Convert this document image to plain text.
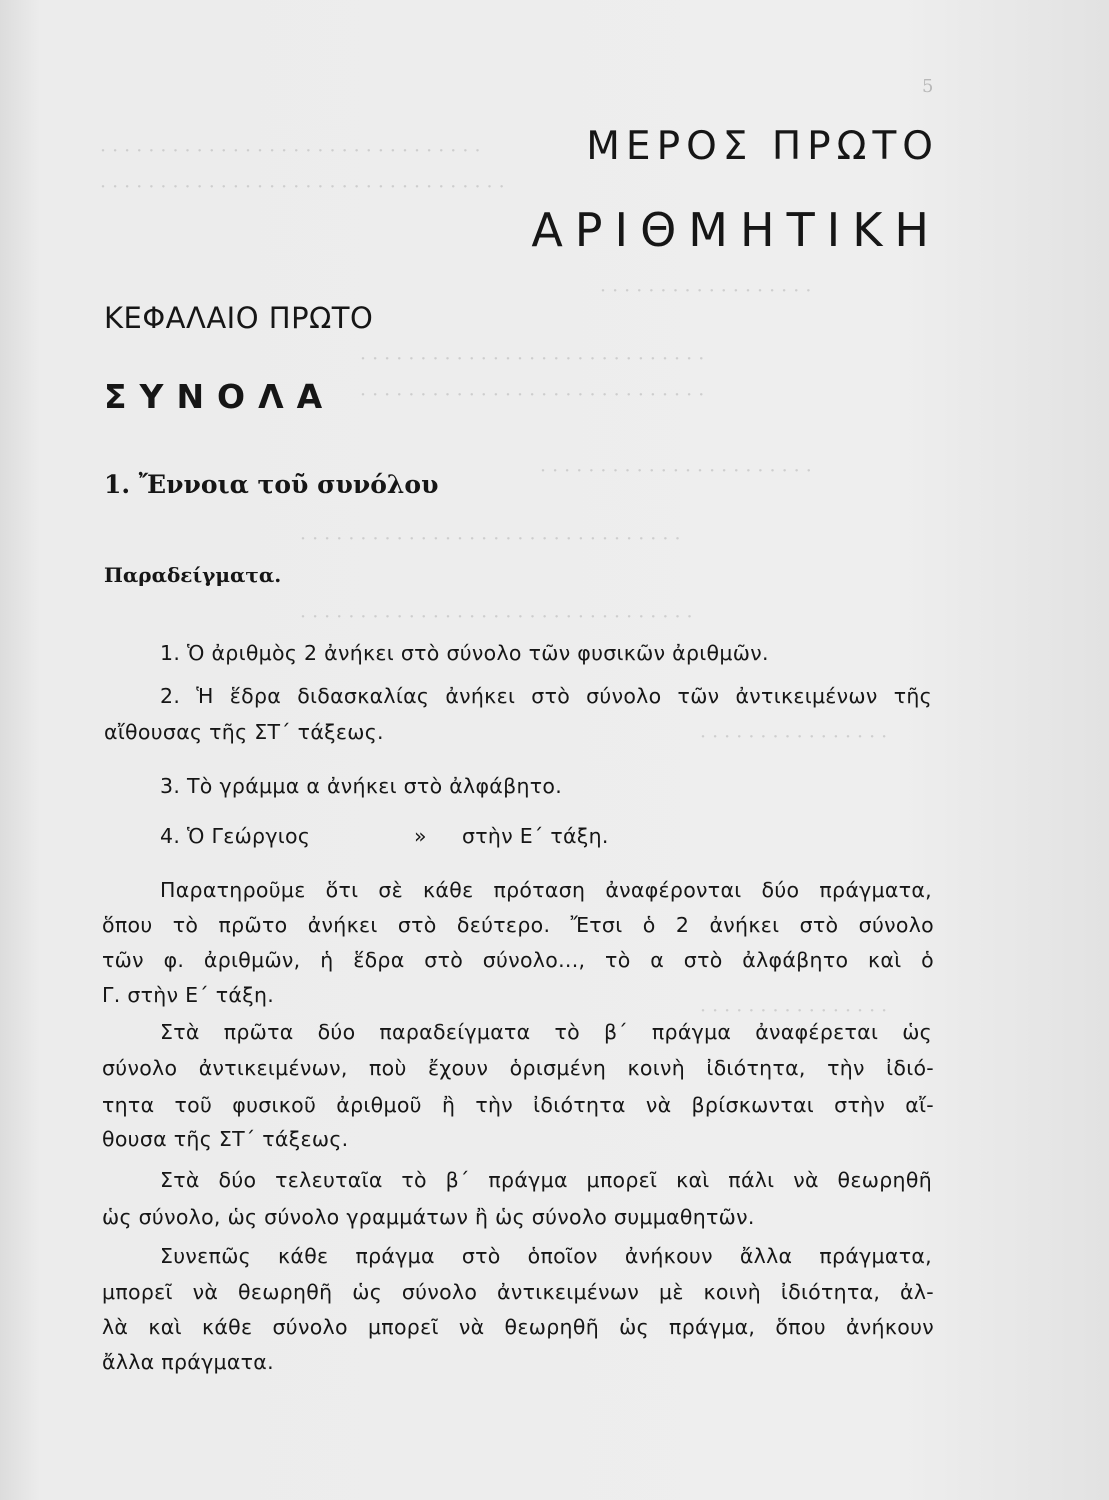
· · · · · · · · · · · · · · · · · · · · · · · · · · · · · · · ·
· · · · · · · · · · · · · · · · · · · · · · · · · · · · · · · · · ·
· · · · · · · · · · · · · · · · · ·
· · · · · · · · · · · · · · · · · · · · · · · · · · · · ·
· · · · · · · · · · · · · · · · · · · · · · · · · · · · ·
· · · · · · · · · · · · · · · · · · · · · · ·
· · · · · · · · · · · · · · · · · · · · · · · · · · · · · · · ·
· · · · · · · · · · · · · · · · · · · · · · · · · · · · · · · · ·
· · · · · · · · · · · · · · · ·
· · · · · · · · · · · · · · · ·
5
ΜΕΡΟΣ ΠΡΩΤΟ
ΑΡΙΘΜΗΤΙΚΗ
ΚΕΦΑΛΑΙΟ ΠΡΩΤΟ
ΣΥΝΟΛΑ
1. Ἔννοια τοῦ συνόλου
Παραδείγματα.
1. Ὁ ἀριθμὸς 2 ἀνήκει στὸ σύνολο τῶν φυσικῶν ἀριθμῶν.
2. Ἡ ἕδρα διδασκαλίας ἀνήκει στὸ σύνολο τῶν ἀντικειμένων τῆς
αἴθουσας τῆς ΣΤ΄ τάξεως.
3. Τὸ γράμμα α ἀνήκει στὸ ἀλφάβητο.
4. Ὁ Γεώργιος	» στὴν Ε΄ τάξη.
Παρατηροῦμε ὅτι σὲ κάθε πρόταση ἀναφέρονται δύο πράγματα,
ὅπου τὸ πρῶτο ἀνήκει στὸ δεύτερο. Ἔτσι ὁ 2 ἀνήκει στὸ σύνολο
τῶν φ. ἀριθμῶν, ἡ ἕδρα στὸ σύνολο..., τὸ α στὸ ἀλφάβητο καὶ ὁ
Γ. στὴν Ε΄ τάξη.
Στὰ πρῶτα δύο παραδείγματα τὸ β΄ πράγμα ἀναφέρεται ὡς
σύνολο ἀντικειμένων, ποὺ ἔχουν ὁρισμένη κοινὴ ἰδιότητα, τὴν ἰδιό-
τητα τοῦ φυσικοῦ ἀριθμοῦ ἢ τὴν ἰδιότητα νὰ βρίσκωνται στὴν αἴ-
θουσα τῆς ΣΤ΄ τάξεως.
Στὰ δύο τελευταῖα τὸ β΄ πράγμα μπορεῖ καὶ πάλι νὰ θεωρηθῆ
ὡς σύνολο, ὡς σύνολο γραμμάτων ἢ ὡς σύνολο συμμαθητῶν.
Συνεπῶς κάθε πράγμα στὸ ὁποῖον ἀνήκουν ἄλλα πράγματα,
μπορεῖ νὰ θεωρηθῆ ὡς σύνολο ἀντικειμένων μὲ κοινὴ ἰδιότητα, ἀλ-
λὰ καὶ κάθε σύνολο μπορεῖ νὰ θεωρηθῆ ὡς πράγμα, ὅπου ἀνήκουν
ἄλλα πράγματα.
